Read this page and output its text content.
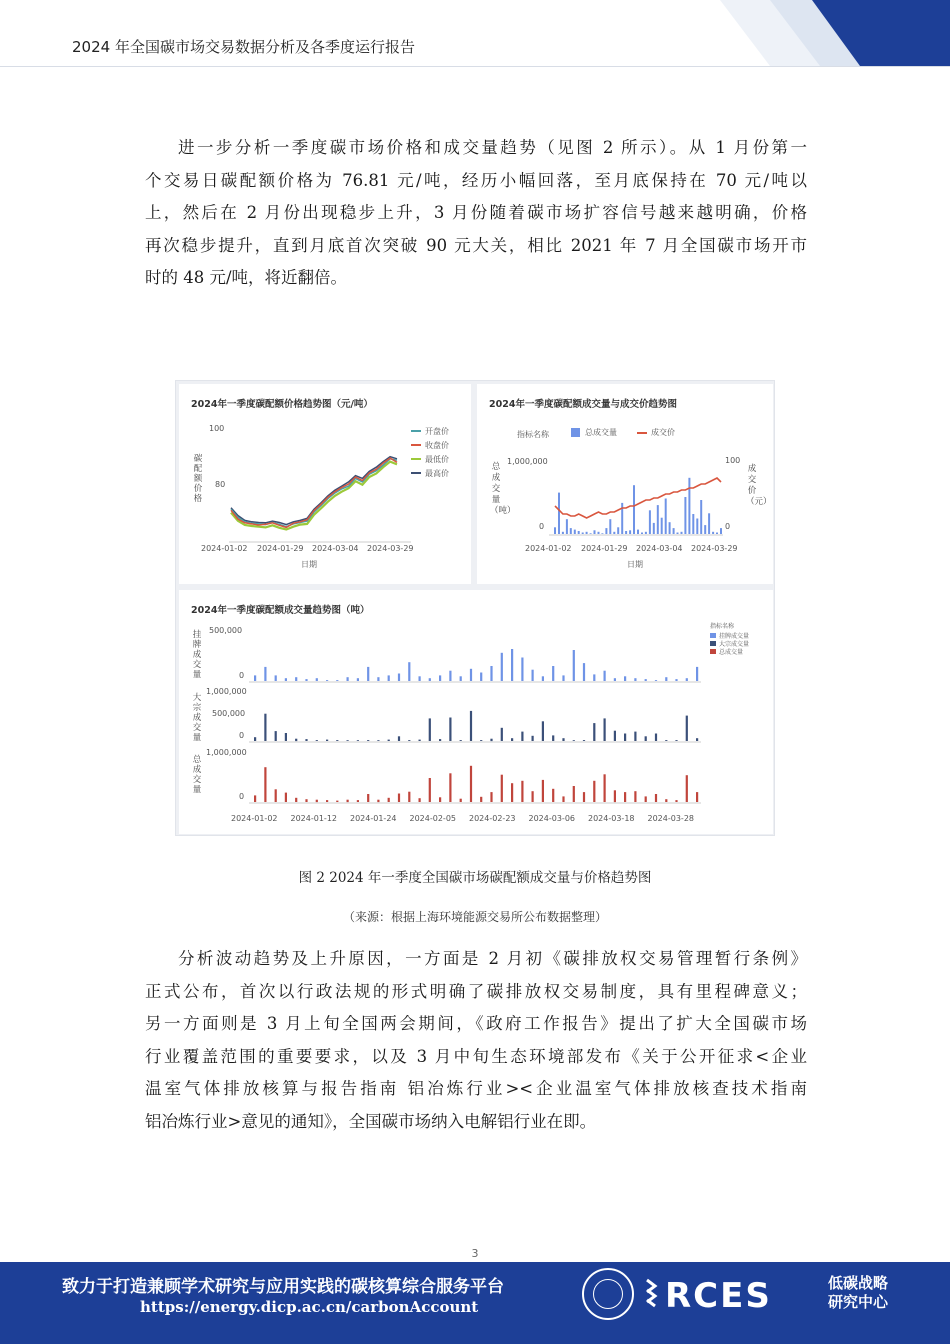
2024 年全国碳市场交易数据分析及各季度运行报告
进一步分析一季度碳市场价格和成交量趋势（见图 2 所示）。从 1 月份第一
个交易日碳配额价格为 76.81 元/吨，经历小幅回落，至月底保持在 70 元/吨以
上，然后在 2 月份出现稳步上升，3 月份随着碳市场扩容信号越来越明确，价格
再次稳步提升，直到月底首次突破 90 元大关，相比 2021 年 7 月全国碳市场开市
时的 48 元/吨，将近翻倍。
2024年一季度碳配额价格趋势图（元/吨）
碳配额价格
100
80
2024-01-02 2024-01-29 2024-03-04 2024-03-29
日期
开盘价
收盘价
最低价
最高价
2024年一季度碳配额成交量与成交价趋势图
指标名称
总成交量（吨）
成交价（元）
总成交量	成交价
1,000,000
0
100
0
2024-01-02 2024-01-29 2024-03-04 2024-03-29
日期
2024年一季度碳配额成交量趋势图（吨）
挂牌成交量
大宗成交量
总成交量
500,000
0
1,000,000
500,000
0
1,000,000
0
2024-01-02 2024-01-12 2024-01-24 2024-02-05 2024-02-23 2024-03-06 2024-03-18 2024-03-28
指标名称
挂牌成交量
大宗成交量
总成交量
图 2 2024 年一季度全国碳市场碳配额成交量与价格趋势图
（来源：根据上海环境能源交易所公布数据整理）
分析波动趋势及上升原因，一方面是 2 月初《碳排放权交易管理暂行条例》
正式公布，首次以行政法规的形式明确了碳排放权交易制度，具有里程碑意义；
另一方面则是 3 月上旬全国两会期间，《政府工作报告》提出了扩大全国碳市场
行业覆盖范围的重要要求，以及 3 月中旬生态环境部发布《关于公开征求<企业
温室气体排放核算与报告指南 铝冶炼行业><企业温室气体排放核查技术指南
铝冶炼行业>意见的通知》，全国碳市场纳入电解铝行业在即。
3
致力于打造兼顾学术研究与应用实践的碳核算综合服务平台
https://energy.dicp.ac.cn/carbonAccount	RCES	低碳战略
研究中心
